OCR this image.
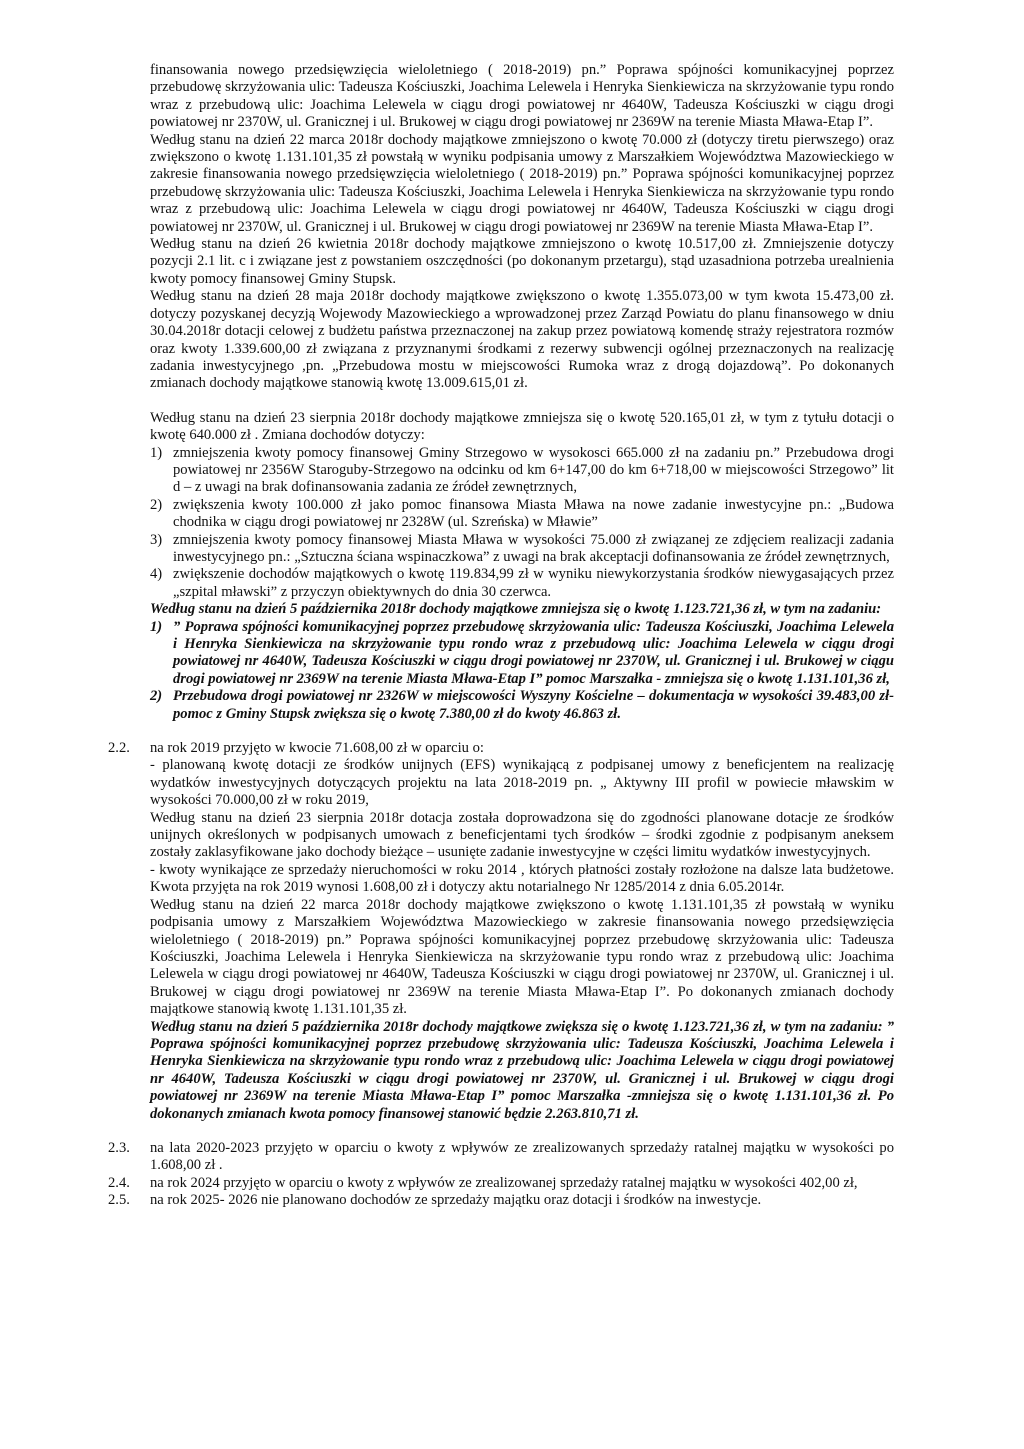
finansowania nowego przedsięwzięcia wieloletniego ( 2018-2019) pn.” Poprawa spójności komunikacyjnej poprzez przebudowę skrzyżowania ulic: Tadeusza Kościuszki, Joachima Lelewela i Henryka Sienkiewicza na skrzyżowanie typu rondo wraz z przebudową ulic: Joachima Lelewela w ciągu drogi powiatowej nr 4640W, Tadeusza Kościuszki w ciągu drogi powiatowej nr 2370W, ul. Granicznej i ul. Brukowej w ciągu drogi powiatowej nr 2369W na terenie Miasta Mława-Etap I”.

Według stanu na dzień 22 marca 2018r dochody majątkowe zmniejszono o kwotę 70.000 zł (dotyczy tiretu pierwszego) oraz zwiększono o kwotę 1.131.101,35 zł powstałą w wyniku podpisania umowy z Marszałkiem Województwa Mazowieckiego w zakresie finansowania nowego przedsięwzięcia wieloletniego ( 2018-2019) pn.” Poprawa spójności komunikacyjnej poprzez przebudowę skrzyżowania ulic: Tadeusza Kościuszki, Joachima Lelewela i Henryka Sienkiewicza na skrzyżowanie typu rondo wraz z przebudową ulic: Joachima Lelewela w ciągu drogi powiatowej nr 4640W, Tadeusza Kościuszki w ciągu drogi powiatowej nr 2370W, ul. Granicznej i ul. Brukowej w ciągu drogi powiatowej nr 2369W na terenie Miasta Mława-Etap I”.

Według stanu na dzień 26 kwietnia 2018r dochody majątkowe zmniejszono o kwotę 10.517,00 zł. Zmniejszenie dotyczy pozycji 2.1 lit. c i związane jest z powstaniem oszczędności (po dokonanym przetargu), stąd uzasadniona potrzeba urealnienia kwoty pomocy finansowej Gminy Stupsk.

Według stanu na dzień 28 maja 2018r dochody majątkowe zwiększono o kwotę 1.355.073,00 w tym kwota 15.473,00 zł. dotyczy pozyskanej decyzją Wojewody Mazowieckiego a wprowadzonej przez Zarząd Powiatu do planu finansowego w dniu 30.04.2018r dotacji celowej z budżetu państwa przeznaczonej na zakup przez powiatową komendę straży rejestratora rozmów oraz kwoty 1.339.600,00 zł związana z przyznanymi środkami z rezerwy subwencji ogólnej przeznaczonych na realizację zadania inwestycyjnego ,pn. „Przebudowa mostu w miejscowości Rumoka wraz z drogą dojazdową”. Po dokonanych zmianach dochody majątkowe stanowią kwotę 13.009.615,01 zł.

Według stanu na dzień 23 sierpnia 2018r dochody majątkowe zmniejsza się o kwotę 520.165,01 zł, w tym z tytułu dotacji o kwotę 640.000 zł . Zmiana dochodów dotyczy:

1) zmniejszenia kwoty pomocy finansowej Gminy Strzegowo w wysokosci 665.000 zł na zadaniu pn.” Przebudowa drogi powiatowej nr 2356W Staroguby-Strzegowo na odcinku od km 6+147,00 do km 6+718,00 w miejscowości Strzegowo” lit d – z uwagi na brak dofinansowania zadania ze źródeł zewnętrznych,
2) zwiększenia kwoty 100.000 zł jako pomoc finansowa Miasta Mława na nowe zadanie inwestycyjne pn.: „Budowa chodnika w ciągu drogi powiatowej nr 2328W (ul. Szreńska) w Mławie”
3) zmniejszenia kwoty pomocy finansowej Miasta Mława w wysokości 75.000 zł związanej ze zdjęciem realizacji zadania inwestycyjnego pn.: „Sztuczna ściana wspinaczkowa” z uwagi na brak akceptacji dofinansowania ze źródeł zewnętrznych,
4) zwiększenie dochodów majątkowych o kwotę 119.834,99 zł w wyniku niewykorzystania środków niewygasających przez „szpital mławski” z przyczyn obiektywnych do dnia 30 czerwca.

Według stanu na dzień 5 października 2018r dochody majątkowe zmniejsza się o kwotę 1.123.721,36 zł, w tym na zadaniu:

1) ” Poprawa spójności komunikacyjnej poprzez przebudowę skrzyżowania ulic: Tadeusza Kościuszki, Joachima Lelewela i Henryka Sienkiewicza na skrzyżowanie typu rondo wraz z przebudową ulic: Joachima Lelewela w ciągu drogi powiatowej nr 4640W, Tadeusza Kościuszki w ciągu drogi powiatowej nr 2370W, ul. Granicznej i ul. Brukowej w ciągu drogi powiatowej nr 2369W na terenie Miasta Mława-Etap I” pomoc Marszałka - zmniejsza się o kwotę 1.131.101,36 zł,
2) Przebudowa drogi powiatowej nr 2326W w miejscowości Wyszyny Kościelne – dokumentacja w wysokości 39.483,00 zł- pomoc z Gminy Stupsk zwiększa się o kwotę 7.380,00 zł do kwoty 46.863 zł.
2.2.	na rok 2019 przyjęto w kwocie 71.608,00 zł w oparciu o:

- planowaną kwotę dotacji ze środków unijnych (EFS) wynikającą z podpisanej umowy z beneficjentem na realizację wydatków inwestycyjnych dotyczących projektu na lata 2018-2019 pn. „ Aktywny III profil w powiecie mławskim w wysokości 70.000,00 zł w roku 2019,

Według stanu na dzień 23 sierpnia 2018r dotacja została doprowadzona się do zgodności planowane dotacje ze środków unijnych określonych w podpisanych umowach z beneficjentami tych środków – środki zgodnie z podpisanym aneksem zostały zaklasyfikowane jako dochody bieżące – usunięte zadanie inwestycyjne w części limitu wydatków inwestycyjnych.

- kwoty wynikające ze sprzedaży nieruchomości w roku 2014 , których płatności zostały rozłożone na dalsze lata budżetowe. Kwota przyjęta na rok 2019 wynosi 1.608,00 zł i dotyczy aktu notarialnego Nr 1285/2014 z dnia 6.05.2014r.

Według stanu na dzień 22 marca 2018r dochody majątkowe zwiększono o kwotę 1.131.101,35 zł powstałą w wyniku podpisania umowy z Marszałkiem Województwa Mazowieckiego w zakresie finansowania nowego przedsięwzięcia wieloletniego ( 2018-2019) pn.” Poprawa spójności komunikacyjnej poprzez przebudowę skrzyżowania ulic: Tadeusza Kościuszki, Joachima Lelewela i Henryka Sienkiewicza na skrzyżowanie typu rondo wraz z przebudową ulic: Joachima Lelewela w ciągu drogi powiatowej nr 4640W, Tadeusza Kościuszki w ciągu drogi powiatowej nr 2370W, ul. Granicznej i ul. Brukowej w ciągu drogi powiatowej nr 2369W na terenie Miasta Mława-Etap I”. Po dokonanych zmianach dochody majątkowe stanowią kwotę 1.131.101,35 zł.

Według stanu na dzień 5 października 2018r dochody majątkowe zwiększa się o kwotę 1.123.721,36 zł, w tym na zadaniu: ” Poprawa spójności komunikacyjnej poprzez przebudowę skrzyżowania ulic: Tadeusza Kościuszki, Joachima Lelewela i Henryka Sienkiewicza na skrzyżowanie typu rondo wraz z przebudową ulic: Joachima Lelewela w ciągu drogi powiatowej nr 4640W, Tadeusza Kościuszki w ciągu drogi powiatowej nr 2370W, ul. Granicznej i ul. Brukowej w ciągu drogi powiatowej nr 2369W na terenie Miasta Mława-Etap I” pomoc Marszałka -zmniejsza się o kwotę 1.131.101,36 zł. Po dokonanych zmianach kwota pomocy finansowej stanowić będzie 2.263.810,71 zł.

2.3.	na lata 2020-2023 przyjęto w oparciu o kwoty z wpływów ze zrealizowanych sprzedaży ratalnej majątku w wysokości po 1.608,00 zł .

2.4.	na rok 2024 przyjęto w oparciu o kwoty z wpływów ze zrealizowanej sprzedaży ratalnej majątku w wysokości 402,00 zł,

2.5.	na rok 2025- 2026 nie planowano dochodów ze sprzedaży majątku oraz dotacji i środków na inwestycje.
